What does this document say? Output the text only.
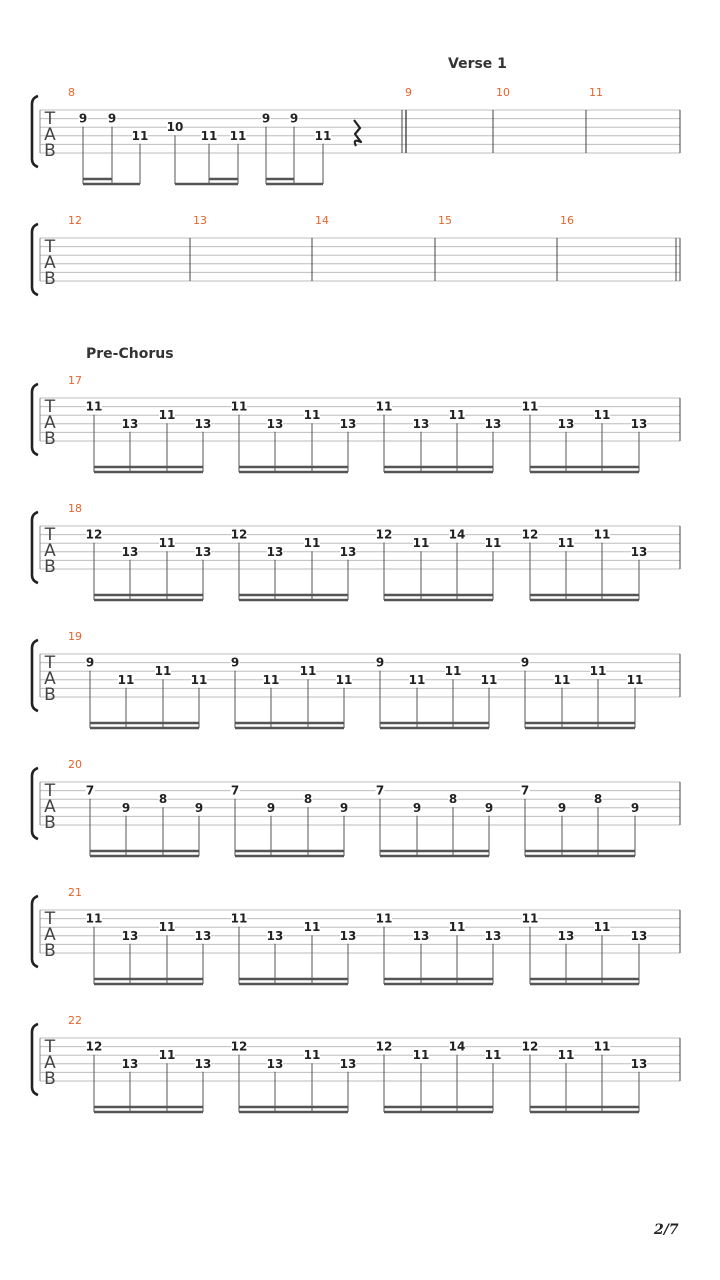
T
A
B
8
9 9
11
10
11 11
9 9
11
9	10	11
T
A
B
12	13	14	15	16
T
A
B
17
11
13
11
13
11
13
11
13
11
13
11
13
11
13
11
13
T
A
B
18
12
13
11
13
12
13
11
13
12
11
14
11
12
11
11
13
T
A
B
19
9
11
11
11
9
11
11
11
9
11
11
11
9
11
11
11
T
A
B
20
7
9
8
9
7
9
8
9
7
9
8
9
7
9
8
9
T
A
B
21
11
13
11
13
11
13
11
13
11
13
11
13
11
13
11
13
T
A
B
22
12
13
11
13
12
13
11
13
12
11
14
11
12
11
11
13
Verse 1
Pre-Chorus
2/7
